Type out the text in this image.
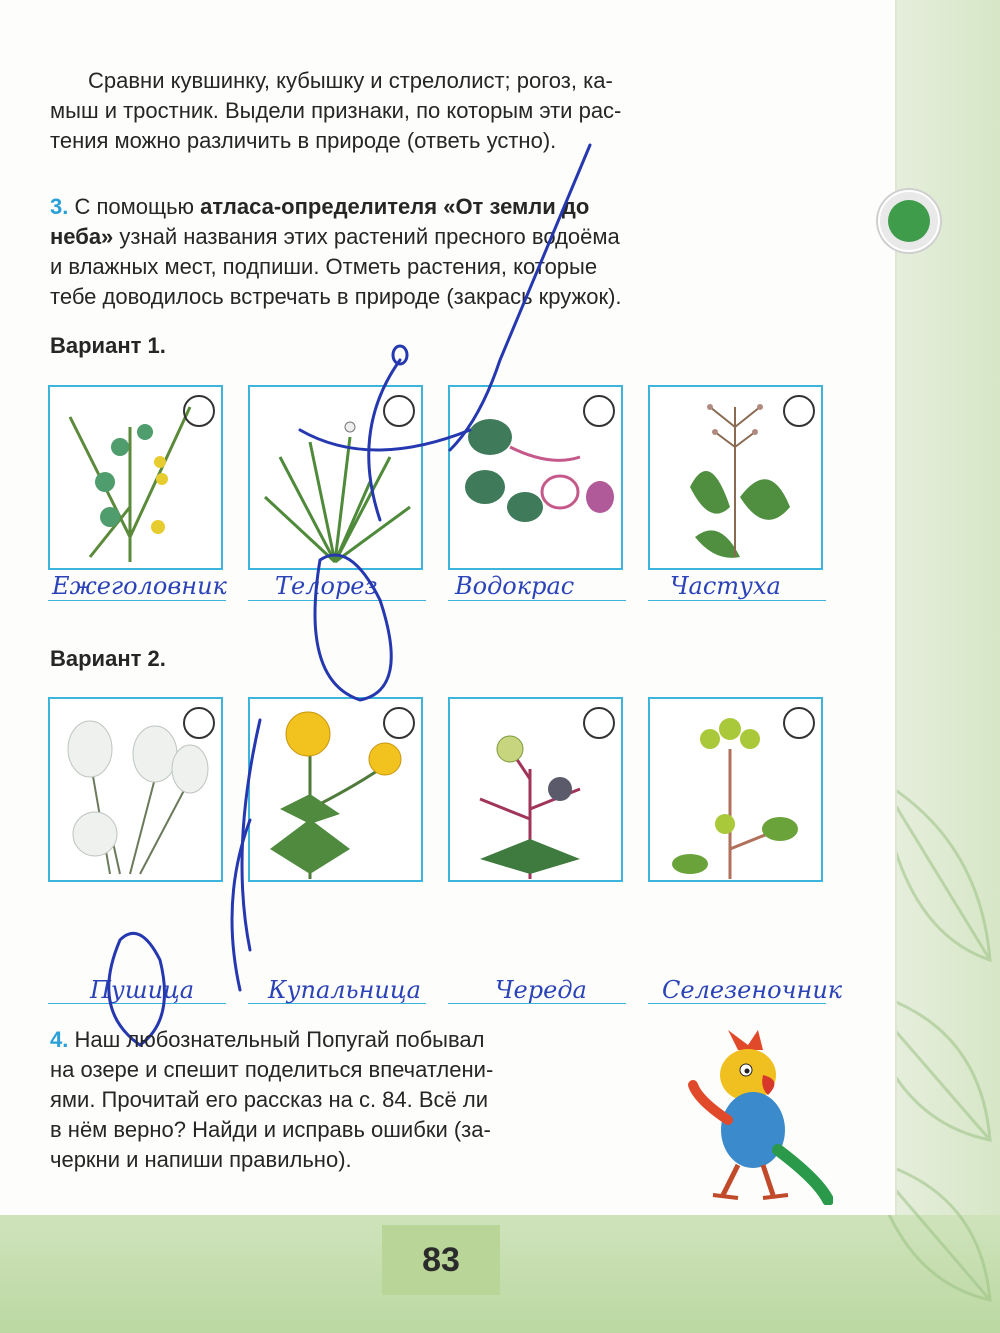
Сравни кувшинку, кубышку и стрелолист; рогоз, ка-
мыш и тростник. Выдели признаки, по которым эти рас-
тения можно различить в природе (ответь устно).
3. С помощью атласа-определителя «От земли до
неба» узнай названия этих растений пресного водоёма
и влажных мест, подпиши. Отметь растения, которые
тебе доводилось встречать в природе (закрась кружок).
Вариант 1.
Ежеголовник Телорез	Водокрас	Частуха
Вариант 2.
Пушица	Купальница	Череда	Селезеночник
4. Наш любознательный Попугай побывал
на озере и спешит поделиться впечатлени-
ями. Прочитай его рассказ на с. 84. Всё ли
в нём верно? Найди и исправь ошибки (за-
черкни и напиши правильно).
83
